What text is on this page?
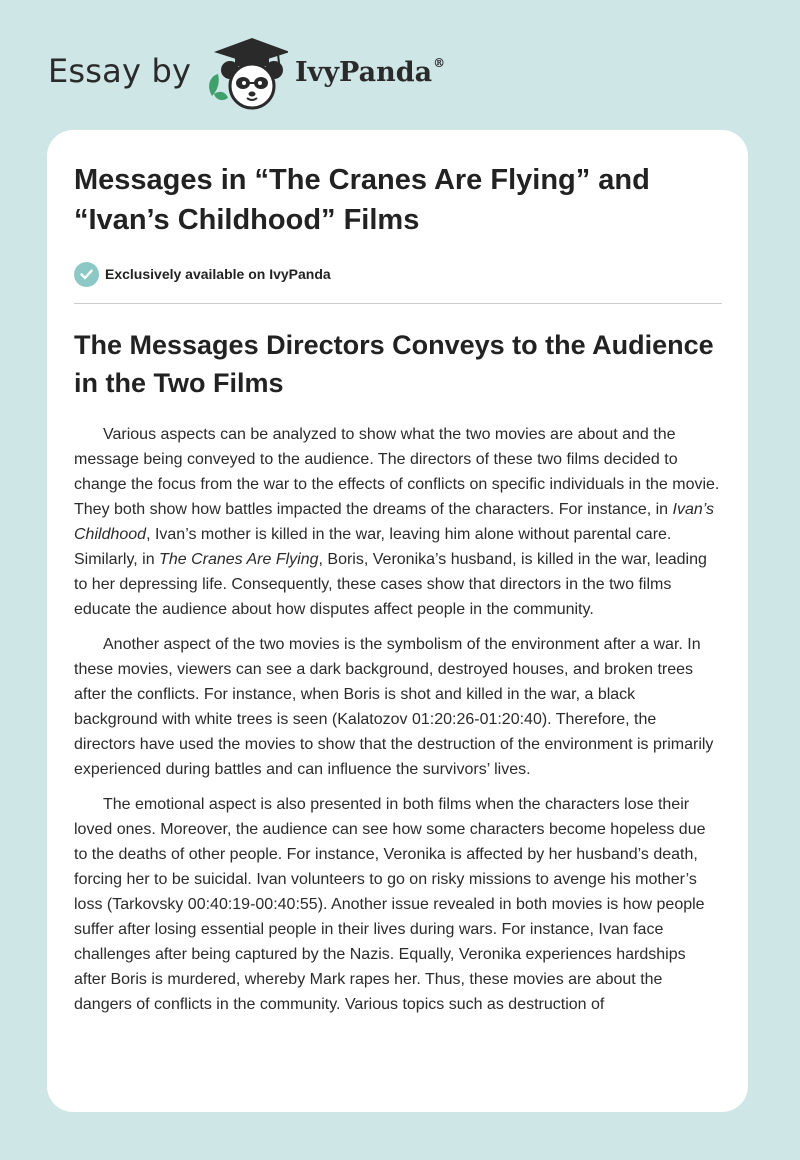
Essay by	IvyPanda®
Messages in “The Cranes Are Flying” and “Ivan’s Childhood” Films
Exclusively available on IvyPanda
The Messages Directors Conveys to the Audience in the Two Films

Various aspects can be analyzed to show what the two movies are about and the message being conveyed to the audience. The directors of these two films decided to change the focus from the war to the effects of conflicts on specific individuals in the movie. They both show how battles impacted the dreams of the characters. For instance, in Ivan’s Childhood, Ivan’s mother is killed in the war, leaving him alone without parental care. Similarly, in The Cranes Are Flying, Boris, Veronika’s husband, is killed in the war, leading to her depressing life. Consequently, these cases show that directors in the two films educate the audience about how disputes affect people in the community.

Another aspect of the two movies is the symbolism of the environment after a war. In these movies, viewers can see a dark background, destroyed houses, and broken trees after the conflicts. For instance, when Boris is shot and killed in the war, a black background with white trees is seen (Kalatozov 01:20:26-01:20:40). Therefore, the directors have used the movies to show that the destruction of the environment is primarily experienced during battles and can influence the survivors’ lives.

The emotional aspect is also presented in both films when the characters lose their loved ones. Moreover, the audience can see how some characters become hopeless due to the deaths of other people. For instance, Veronika is affected by her husband’s death, forcing her to be suicidal. Ivan volunteers to go on risky missions to avenge his mother’s loss (Tarkovsky 00:40:19-00:40:55). Another issue revealed in both movies is how people suffer after losing essential people in their lives during wars. For instance, Ivan face challenges after being captured by the Nazis. Equally, Veronika experiences hardships after Boris is murdered, whereby Mark rapes her. Thus, these movies are about the dangers of conflicts in the community. Various topics such as destruction of
